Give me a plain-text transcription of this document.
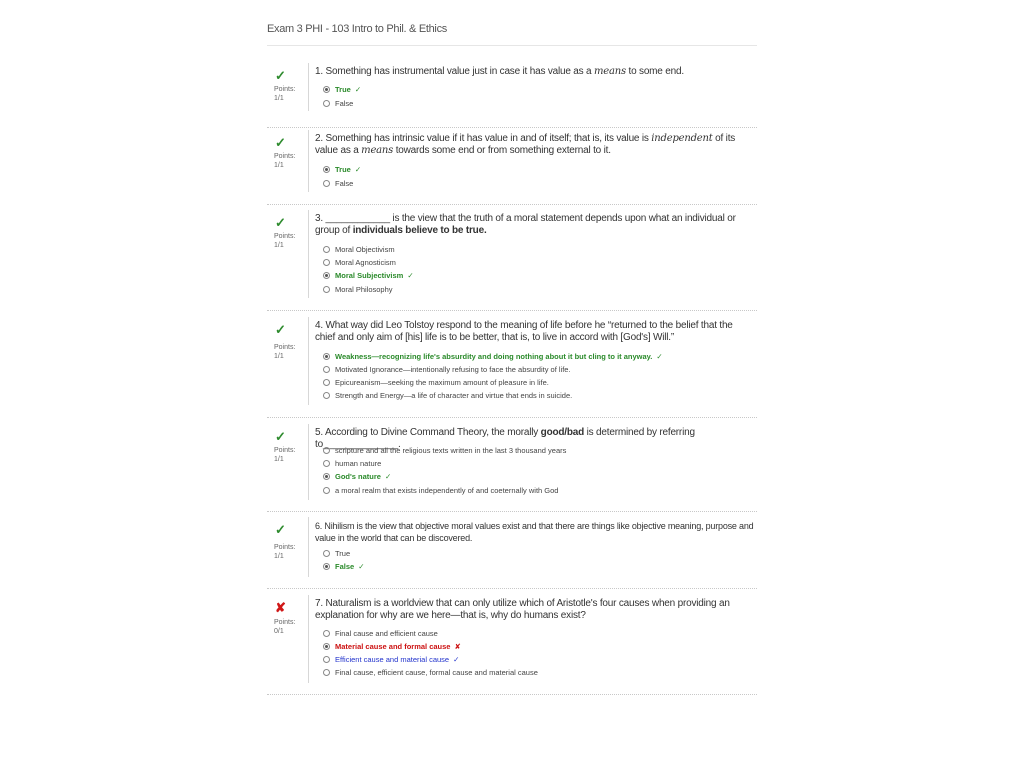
Exam 3 PHI - 103 Intro to Phil. & Ethics
✓
Points:
1/1
1. Something has instrumental value just in case it has value as a means to some end.
True ✓
False
✓
Points:
1/1
2. Something has intrinsic value if it has value in and of itself; that is, its value is independent of its value as a means towards some end or from something external to it.
True ✓
False
✓
Points:
1/1
3. ____________ is the view that the truth of a moral statement depends upon what an individual or group of individuals believe to be true.
Moral Objectivism
Moral Agnosticism
Moral Subjectivism ✓
Moral Philosophy
✓
Points:
1/1
4. What way did Leo Tolstoy respond to the meaning of life before he “returned to the belief that the chief and only aim of [his] life is to be better, that is, to live in accord with [God's] Will.”
Weakness—recognizing life's absurdity and doing nothing about it but cling to it anyway. ✓
Motivated Ignorance—intentionally refusing to face the absurdity of life.
Epicureanism—seeking the maximum amount of pleasure in life.
Strength and Energy—a life of character and virtue that ends in suicide.
✓
Points:
1/1
5. According to Divine Command Theory, the morally good/bad is determined by referring to______________.
scripture and all the religious texts written in the last 3 thousand years
human nature
God's nature ✓
a moral realm that exists independently of and coeternally with God
✓
Points:
1/1
6. Nihilism is the view that objective moral values exist and that there are things like objective meaning, purpose and value in the world that can be discovered.
True
False ✓
✘
Points:
0/1
7. Naturalism is a worldview that can only utilize which of Aristotle's four causes when providing an explanation for why are we here—that is, why do humans exist?
Final cause and efficient cause
Material cause and formal cause ✘
Efficient cause and material cause ✓
Final cause, efficient cause, formal cause and material cause
